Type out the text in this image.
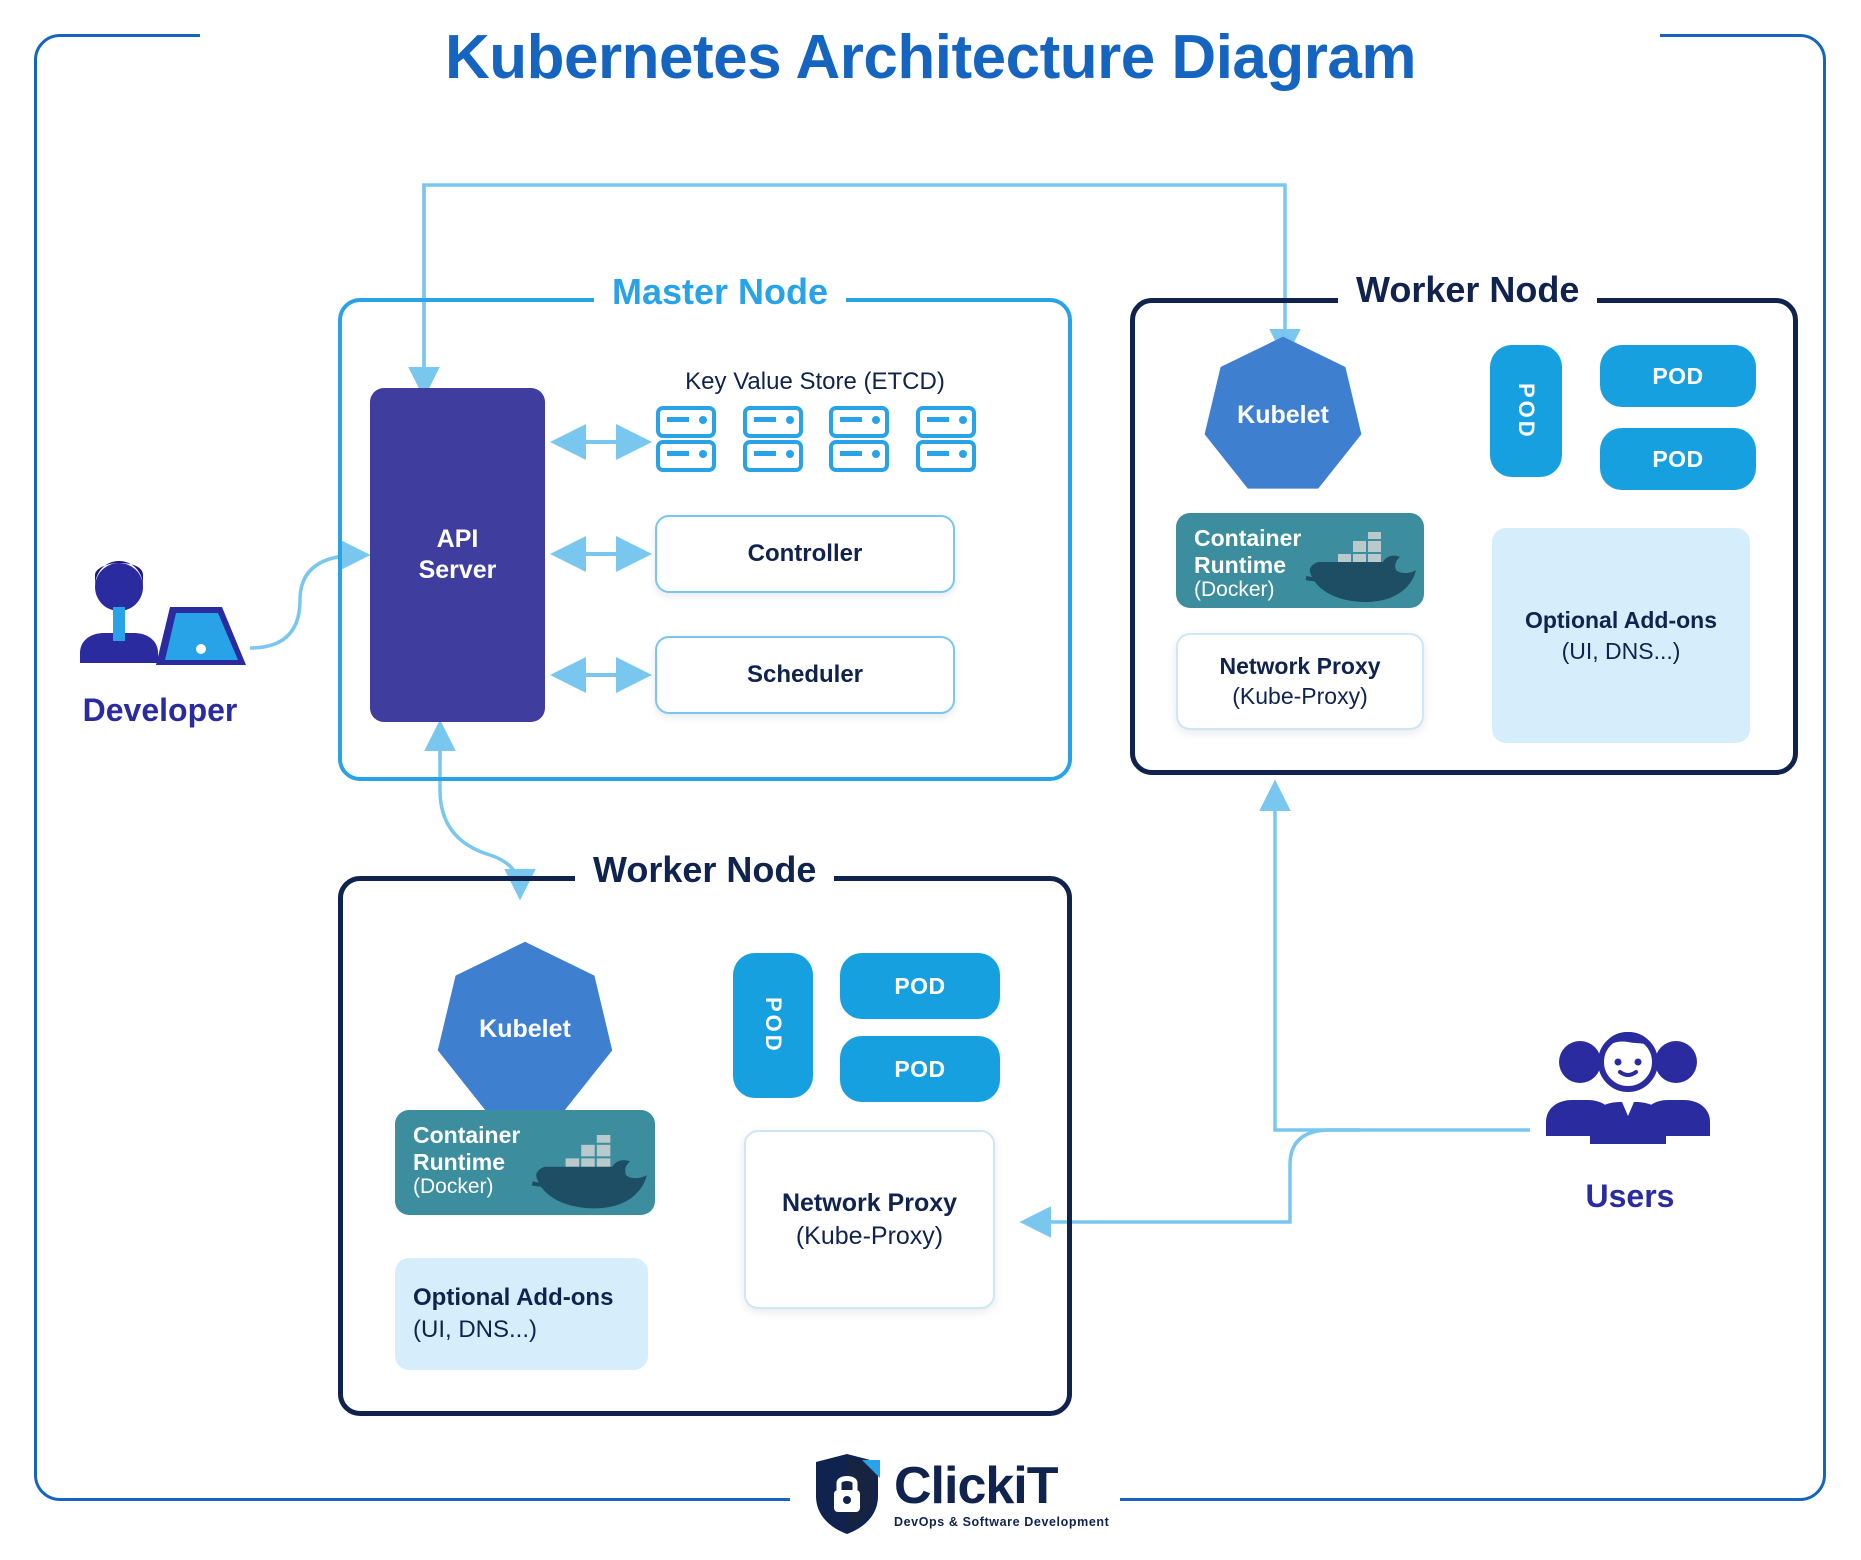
Kubernetes Architecture Diagram
Master Node
API
Server
Key Value Store (ETCD)
Controller
Scheduler
Worker Node
Kubelet	POD
POD
POD
Container
Runtime
(Docker)
Network Proxy
(Kube-Proxy)
Optional Add-ons
(UI, DNS...)
Worker Node
Kubelet	POD
POD
POD
Container
Runtime
(Docker)
Network Proxy
(Kube-Proxy)
Optional Add-ons
(UI, DNS...)
Developer
Users
ClickiT
DevOps & Software Development
